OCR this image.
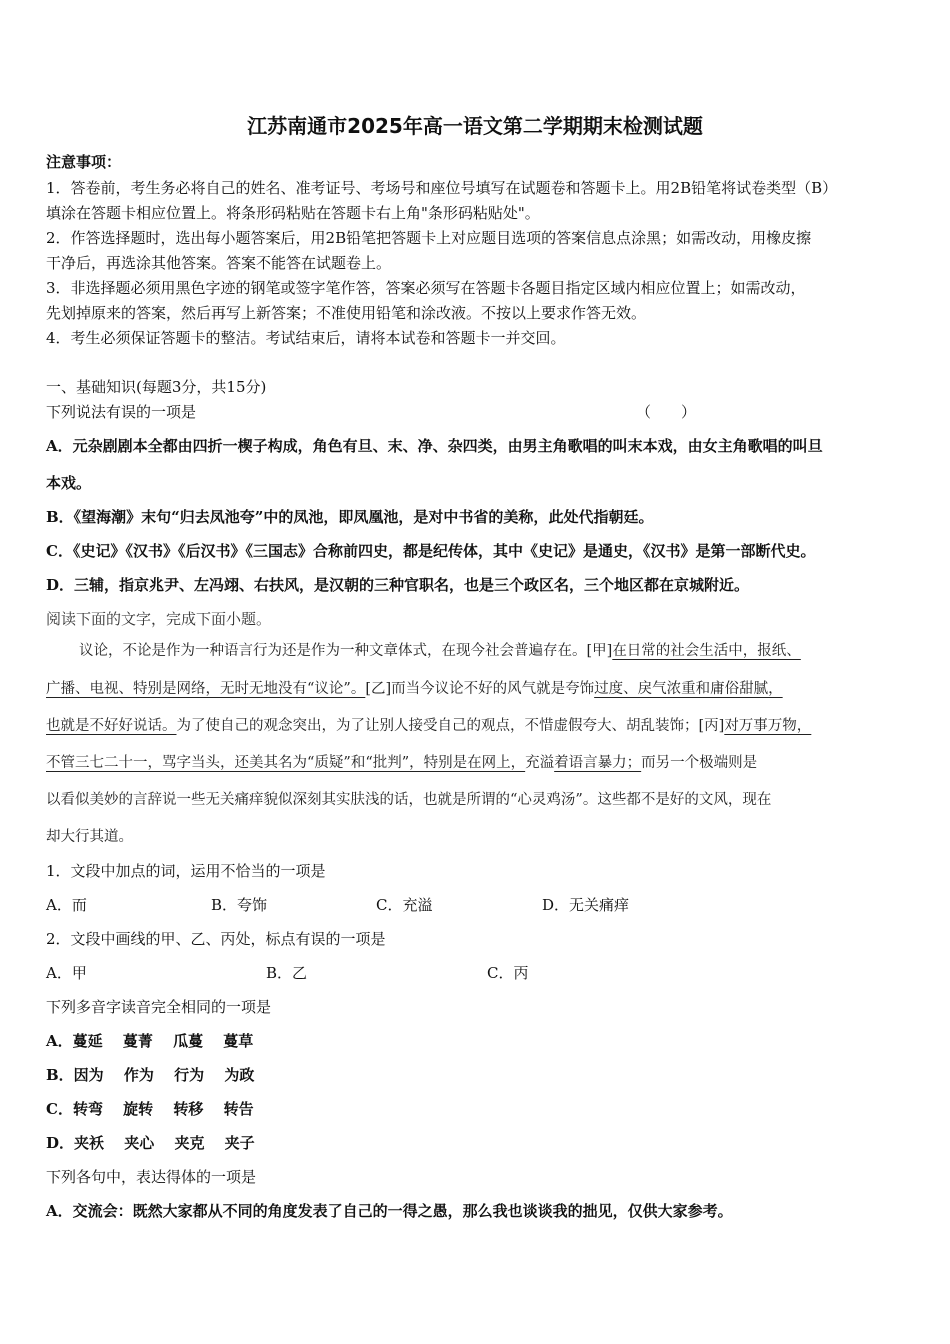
江苏南通市2025年高一语文第二学期期末检测试题
注意事项：
1．答卷前，考生务必将自己的姓名、准考证号、考场号和座位号填写在试题卷和答题卡上。用2B铅笔将试卷类型（B）
填涂在答题卡相应位置上。将条形码粘贴在答题卡右上角"条形码粘贴处"。
2．作答选择题时，选出每小题答案后，用2B铅笔把答题卡上对应题目选项的答案信息点涂黑；如需改动，用橡皮擦
干净后，再选涂其他答案。答案不能答在试题卷上。
3．非选择题必须用黑色字迹的钢笔或签字笔作答，答案必须写在答题卡各题目指定区域内相应位置上；如需改动，
先划掉原来的答案，然后再写上新答案；不准使用铅笔和涂改液。不按以上要求作答无效。
4．考生必须保证答题卡的整洁。考试结束后，请将本试卷和答题卡一并交回。
一、基础知识(每题3分，共15分)
下列说法有误的一项是	（　　）
A．元杂剧剧本全都由四折一楔子构成，角色有旦、末、净、杂四类，由男主角歌唱的叫末本戏，由女主角歌唱的叫旦
本戏。
B．《望海潮》末句“归去凤池夸”中的凤池，即凤凰池，是对中书省的美称，此处代指朝廷。
C．《史记》《汉书》《后汉书》《三国志》合称前四史，都是纪传体，其中《史记》是通史，《汉书》是第一部断代史。
D．三辅，指京兆尹、左冯翊、右扶风，是汉朝的三种官职名，也是三个政区名，三个地区都在京城附近。
阅读下面的文字，完成下面小题。
议论，不论是作为一种语言行为还是作为一种文章体式，在现今社会普遍存在。[甲]在日常的社会生活中，报纸、
广播、电视、特别是网络，无时无地没有“议论”。[乙]而当今议论不好的风气就是夸饰过度、戾气浓重和庸俗甜腻，
也就是不好好说话。为了使自己的观念突出，为了让别人接受自己的观点，不惜虚假夸大、胡乱装饰；[丙]对万事万物，
不管三七二十一，骂字当头，还美其名为“质疑”和“批判”，特别是在网上，充溢着语言暴力；而另一个极端则是
以看似美妙的言辞说一些无关痛痒貌似深刻其实肤浅的话，也就是所谓的“心灵鸡汤”。这些都不是好的文风，现在
却大行其道。
1．文段中加点的词，运用不恰当的一项是
A．而	B．夸饰	C．充溢	D．无关痛痒
2．文段中画线的甲、乙、丙处，标点有误的一项是
A．甲	B．乙	C．丙
下列多音字读音完全相同的一项是
A．蔓延　 蔓菁　 瓜蔓　 蔓草
B．因为　 作为　 行为　 为政
C．转弯　 旋转　 转移　 转告
D．夹袄　 夹心　 夹克　 夹子
下列各句中，表达得体的一项是
A．交流会：既然大家都从不同的角度发表了自己的一得之愚，那么我也谈谈我的拙见，仅供大家参考。
